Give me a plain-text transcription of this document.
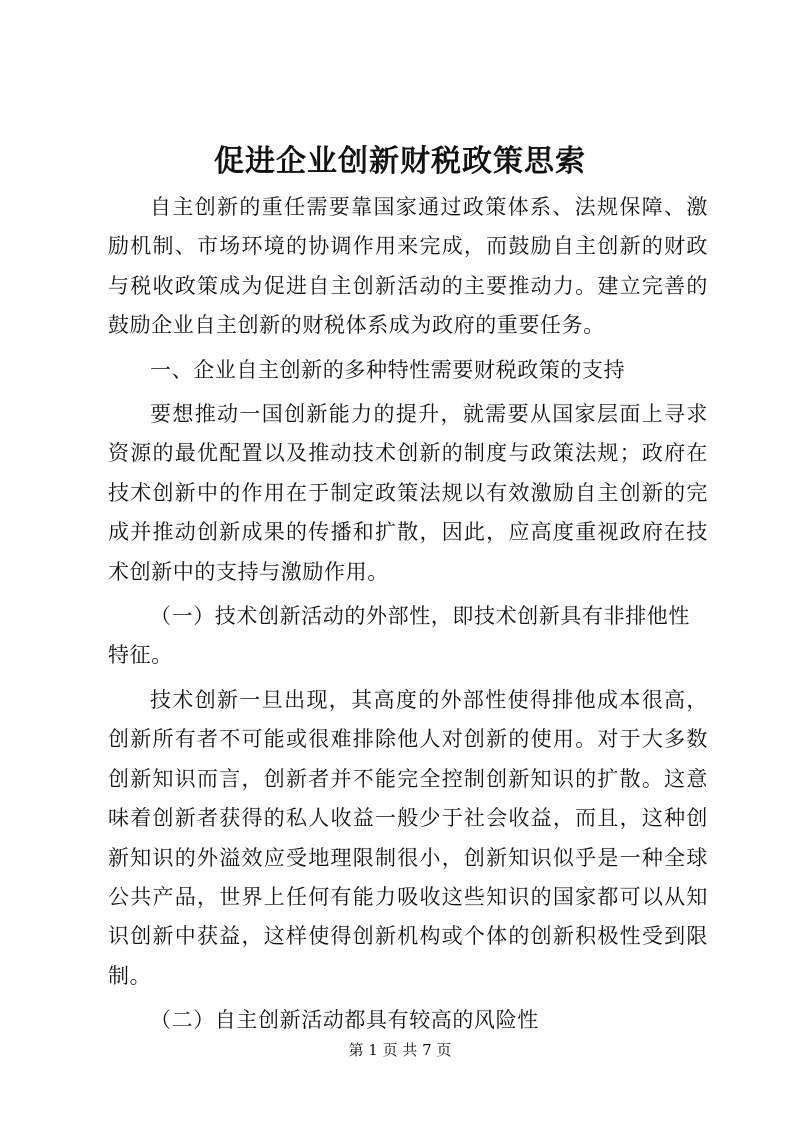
促进企业创新财税政策思索

自主创新的重任需要靠国家通过政策体系、法规保障、激励机制、市场环境的协调作用来完成，而鼓励自主创新的财政与税收政策成为促进自主创新活动的主要推动力。建立完善的鼓励企业自主创新的财税体系成为政府的重要任务。

一、企业自主创新的多种特性需要财税政策的支持

要想推动一国创新能力的提升，就需要从国家层面上寻求资源的最优配置以及推动技术创新的制度与政策法规；政府在技术创新中的作用在于制定政策法规以有效激励自主创新的完成并推动创新成果的传播和扩散，因此，应高度重视政府在技术创新中的支持与激励作用。

（一）技术创新活动的外部性，即技术创新具有非排他性特征。

技术创新一旦出现，其高度的外部性使得排他成本很高，创新所有者不可能或很难排除他人对创新的使用。对于大多数创新知识而言，创新者并不能完全控制创新知识的扩散。这意味着创新者获得的私人收益一般少于社会收益，而且，这种创新知识的外溢效应受地理限制很小，创新知识似乎是一种全球公共产品，世界上任何有能力吸收这些知识的国家都可以从知识创新中获益，这样使得创新机构或个体的创新积极性受到限制。

（二）自主创新活动都具有较高的风险性

第 1 页 共 7 页
